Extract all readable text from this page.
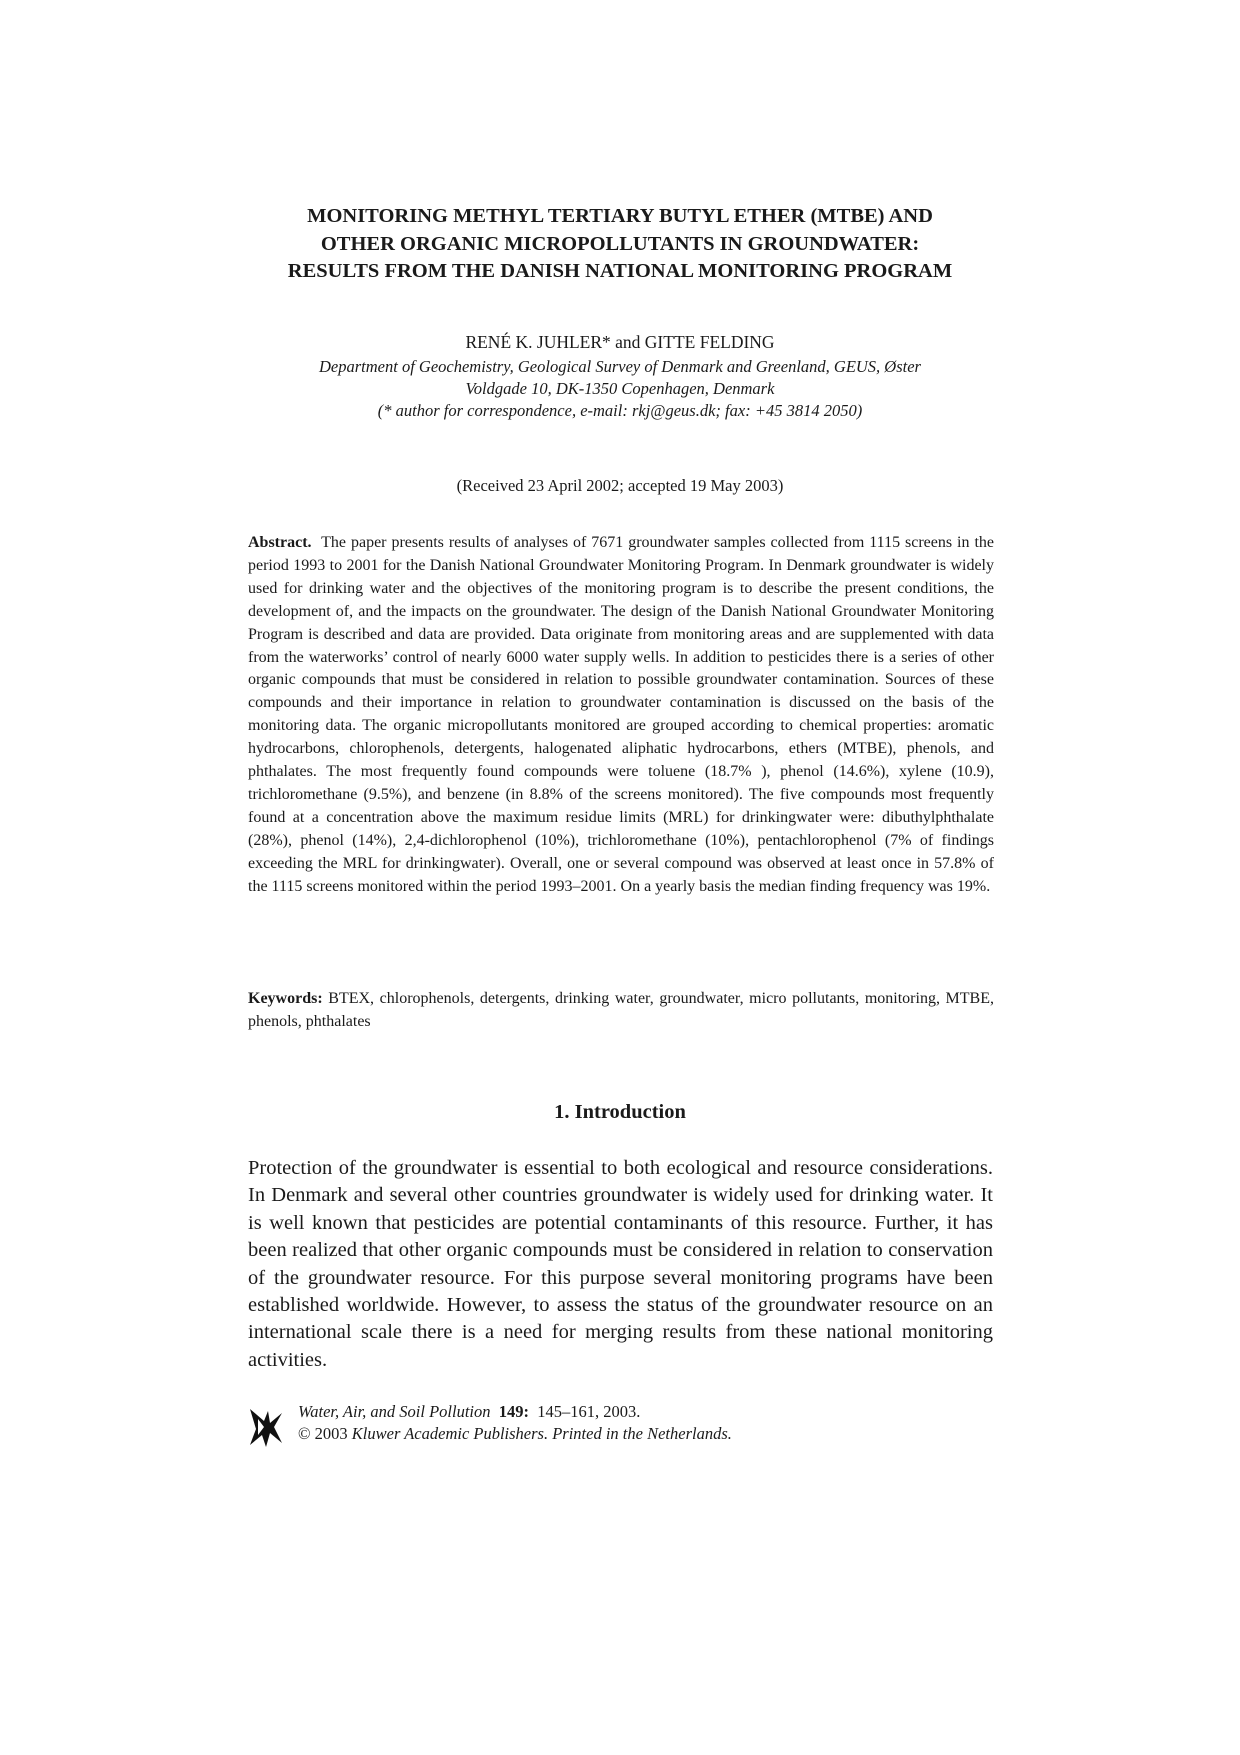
MONITORING METHYL TERTIARY BUTYL ETHER (MTBE) AND
OTHER ORGANIC MICROPOLLUTANTS IN GROUNDWATER:
RESULTS FROM THE DANISH NATIONAL MONITORING PROGRAM
RENÉ K. JUHLER* and GITTE FELDING
Department of Geochemistry, Geological Survey of Denmark and Greenland, GEUS, Øster
Voldgade 10, DK-1350 Copenhagen, Denmark
(* author for correspondence, e-mail: rkj@geus.dk; fax: +45 3814 2050)
(Received 23 April 2002; accepted 19 May 2003)
Abstract. The paper presents results of analyses of 7671 groundwater samples collected from 1115 screens in the period 1993 to 2001 for the Danish National Groundwater Monitoring Program. In Denmark groundwater is widely used for drinking water and the objectives of the monitoring program is to describe the present conditions, the development of, and the impacts on the groundwater. The design of the Danish National Groundwater Monitoring Program is described and data are provided. Data originate from monitoring areas and are supplemented with data from the waterworks’ control of nearly 6000 water supply wells. In addition to pesticides there is a series of other organic compounds that must be considered in relation to possible groundwater contamination. Sources of these compounds and their importance in relation to groundwater contamination is discussed on the basis of the monitoring data. The organic micropollutants monitored are grouped according to chemical properties: aromatic hydrocarbons, chlorophenols, detergents, halogenated aliphatic hydrocarbons, ethers (MTBE), phenols, and phthalates. The most frequently found compounds were toluene (18.7% ), phenol (14.6%), xylene (10.9), trichloromethane (9.5%), and benzene (in 8.8% of the screens monitored). The five compounds most frequently found at a concentration above the maximum residue limits (MRL) for drinkingwater were: dibuthylphthalate (28%), phenol (14%), 2,4-dichlorophenol (10%), trichloromethane (10%), pentachlorophenol (7% of findings exceeding the MRL for drinkingwater). Overall, one or several compound was observed at least once in 57.8% of the 1115 screens monitored within the period 1993–2001. On a yearly basis the median finding frequency was 19%.
Keywords: BTEX, chlorophenols, detergents, drinking water, groundwater, micro pollutants, monitoring, MTBE, phenols, phthalates
1. Introduction
Protection of the groundwater is essential to both ecological and resource considerations. In Denmark and several other countries groundwater is widely used for drinking water. It is well known that pesticides are potential contaminants of this resource. Further, it has been realized that other organic compounds must be considered in relation to conservation of the groundwater resource. For this purpose several monitoring programs have been established worldwide. However, to assess the status of the groundwater resource on an international scale there is a need for merging results from these national monitoring activities.
Water, Air, and Soil Pollution 149: 145–161, 2003.
© 2003 Kluwer Academic Publishers. Printed in the Netherlands.
